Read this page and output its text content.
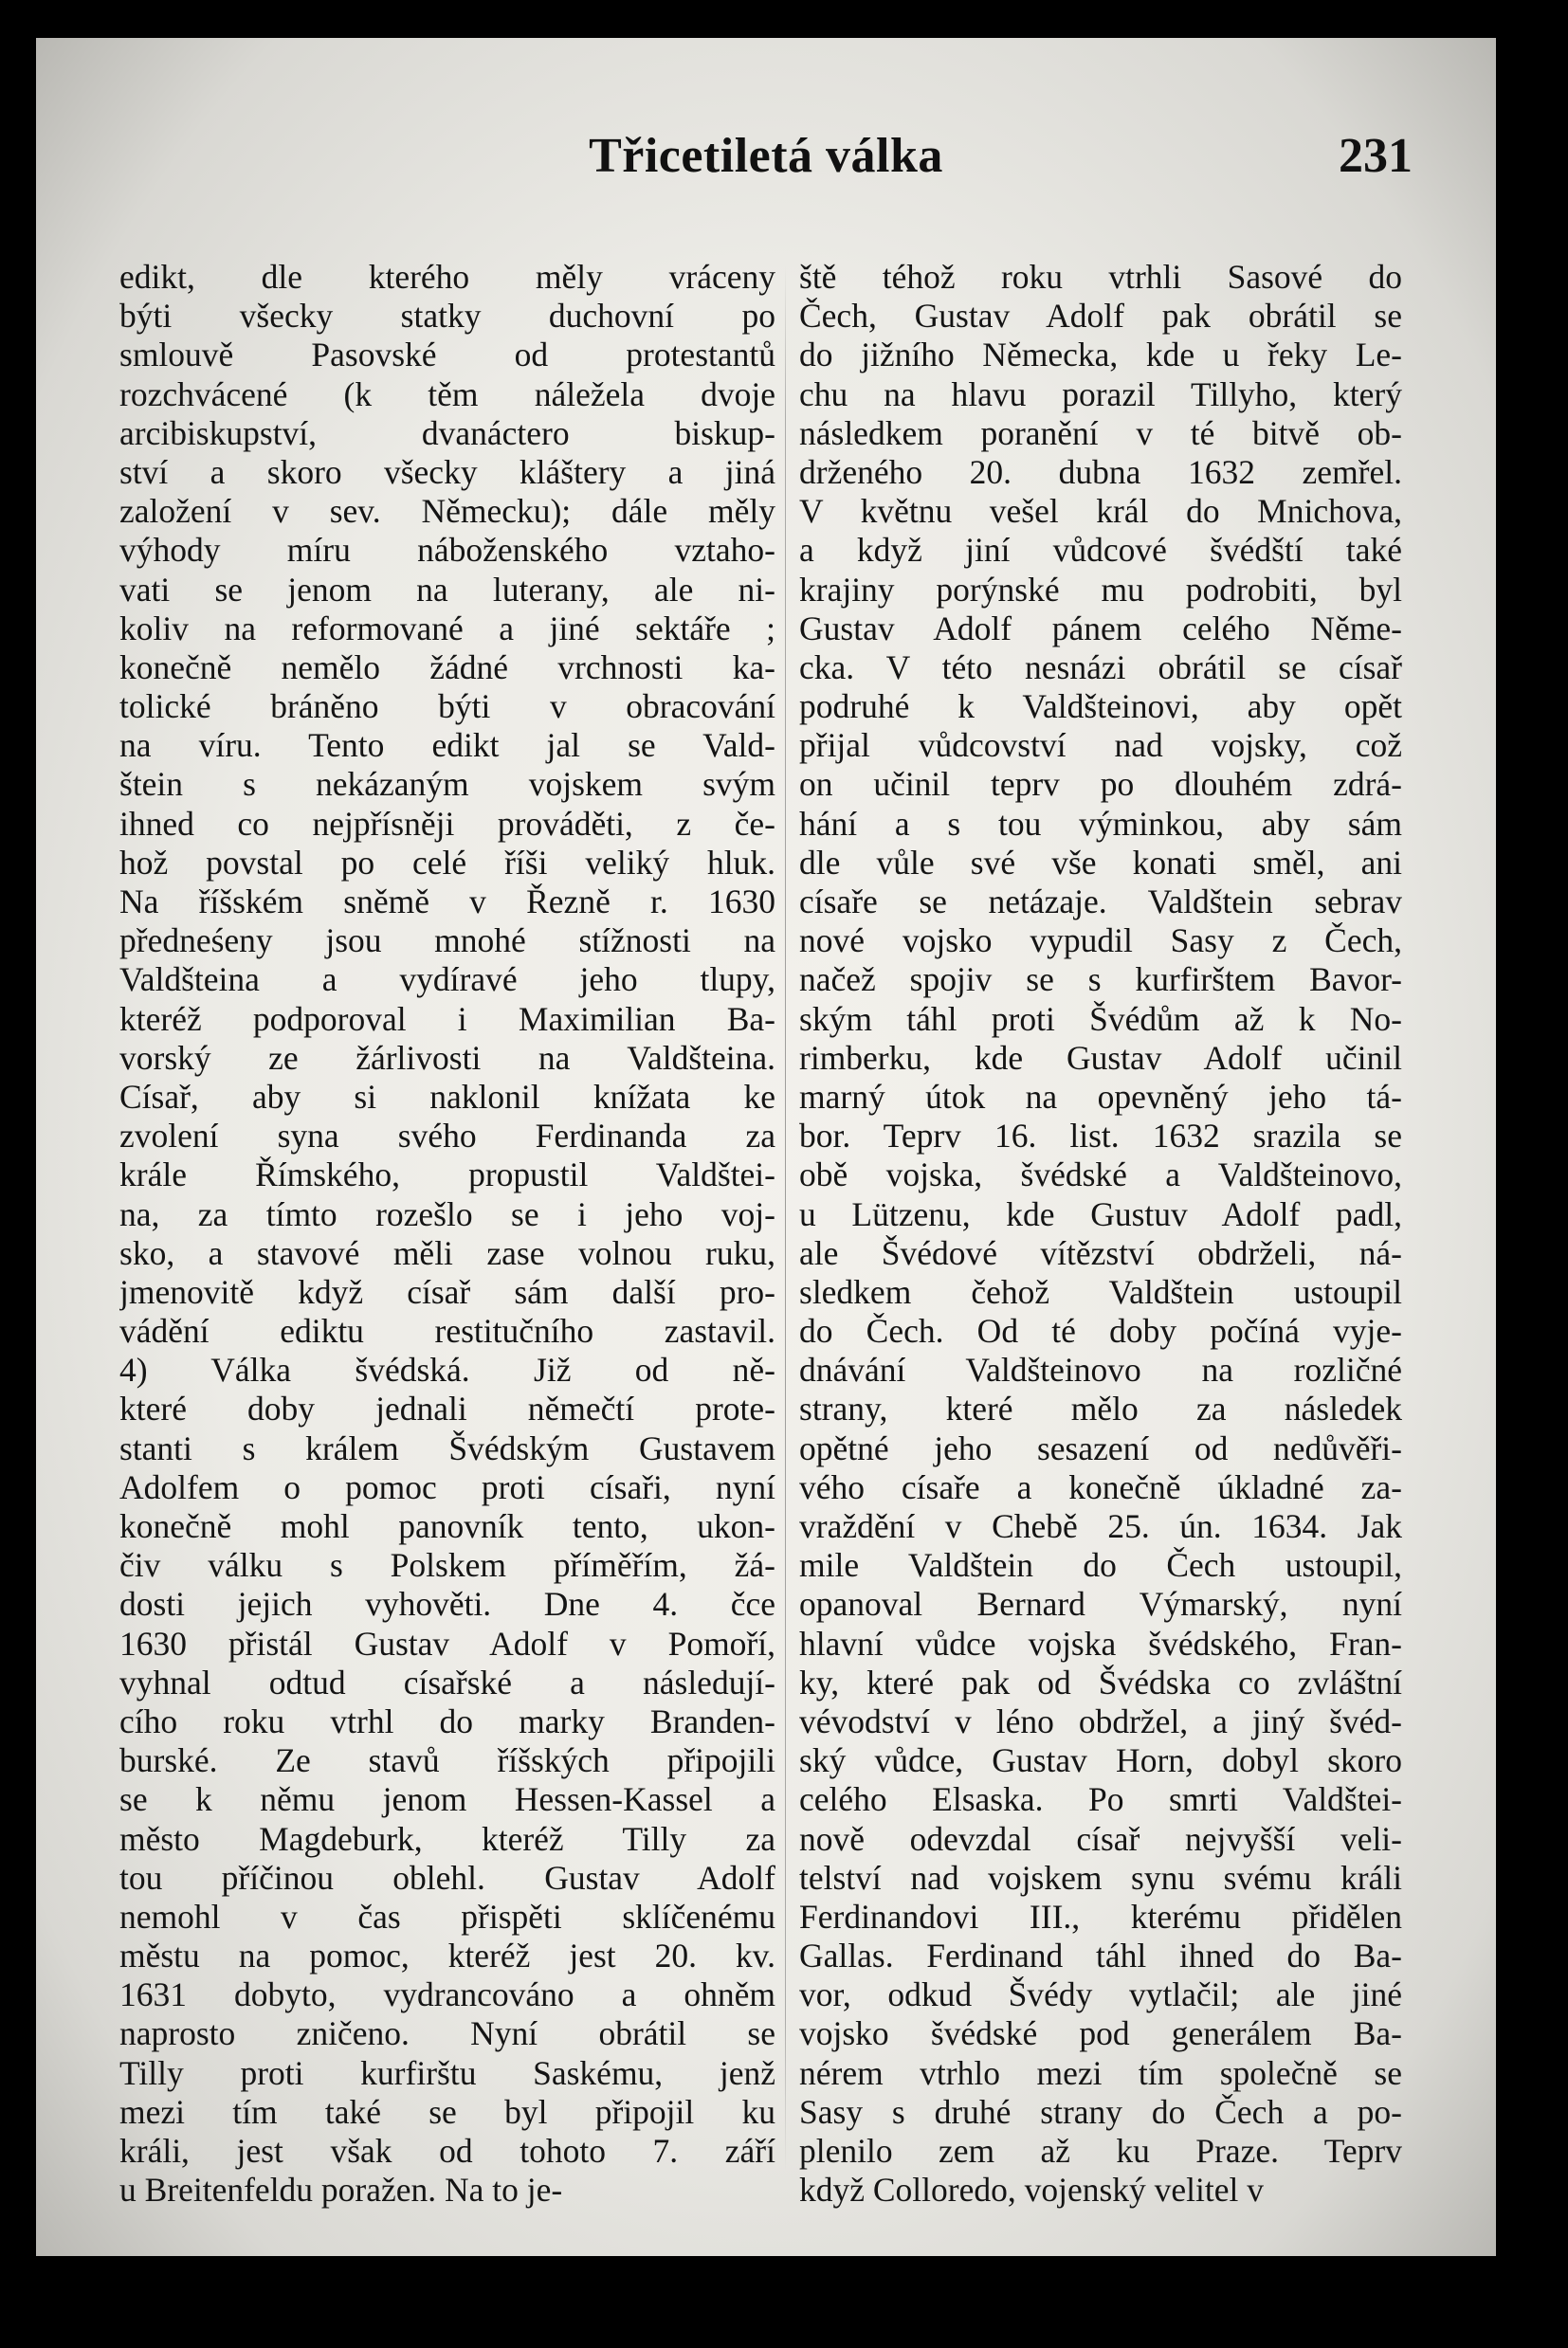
Třicetiletá válka	231
edikt, dle kterého měly vráceny
býti všecky statky duchovní po
smlouvě Pasovské od protestantů
rozchvácené (k těm náležela dvoje
arcibiskupství, dvanáctero biskup-
ství a skoro všecky kláštery a jiná
založení v sev. Německu); dále měly
výhody míru náboženského vztaho-
vati se jenom na luterany, ale ni-
koliv na reformované a jiné sektáře ;
konečně nemělo žádné vrchnosti ka-
tolické bráněno býti v obracování
na víru. Tento edikt jal se Vald-
štein s nekázaným vojskem svým
ihned co nejpřísněji prováděti, z če-
hož povstal po celé říši veliký hluk.
Na říšském sněmě v Řezně r. 1630
předneśeny jsou mnohé stížnosti na
Valdšteina a vydíravé jeho tlupy,
kteréž podporoval i Maximilian Ba-
vorský ze žárlivosti na Valdšteina.
Císař, aby si naklonil knížata ke
zvolení syna svého Ferdinanda za
krále Římského, propustil Valdštei-
na, za tímto rozešlo se i jeho voj-
sko, a stavové měli zase volnou ruku,
jmenovitě když císař sám další pro-
vádění ediktu restitučního zastavil.
4) Válka švédská. Již od ně-
které doby jednali němečtí prote-
stanti s králem Švédským Gustavem
Adolfem o pomoc proti císaři, nyní
konečně mohl panovník tento, ukon-
čiv válku s Polskem příměřím, žá-
dosti jejich vyhověti. Dne 4. čce
1630 přistál Gustav Adolf v Pomoří,
vyhnal odtud císařské a následují-
cího roku vtrhl do marky Branden-
burské. Ze stavů říšských připojili
se k němu jenom Hessen-Kassel a
město Magdeburk, kteréž Tilly za
tou příčinou oblehl. Gustav Adolf
nemohl v čas přispěti sklíčenému
městu na pomoc, kteréž jest 20. kv.
1631 dobyto, vydrancováno a ohněm
naprosto zničeno. Nyní obrátil se
Tilly proti kurfirštu Saskému, jenž
mezi tím také se byl připojil ku
králi, jest však od tohoto 7. září
u Breitenfeldu poražen. Na to je-
ště téhož roku vtrhli Sasové do
Čech, Gustav Adolf pak obrátil se
do jižního Německa, kde u řeky Le-
chu na hlavu porazil Tillyho, který
následkem poranění v té bitvě ob-
drženého 20. dubna 1632 zemřel.
V květnu vešel král do Mnichova,
a když jiní vůdcové švédští také
krajiny porýnské mu podrobiti, byl
Gustav Adolf pánem celého Něme-
cka. V této nesnázi obrátil se císař
podruhé k Valdšteinovi, aby opět
přijal vůdcovství nad vojsky, což
on učinil teprv po dlouhém zdrá-
hání a s tou výminkou, aby sám
dle vůle své vše konati směl, ani
císaře se netázaje. Valdštein sebrav
nové vojsko vypudil Sasy z Čech,
načež spojiv se s kurfirštem Bavor-
ským táhl proti Švédům až k No-
rimberku, kde Gustav Adolf učinil
marný útok na opevněný jeho tá-
bor. Teprv 16. list. 1632 srazila se
obě vojska, švédské a Valdšteinovo,
u Lützenu, kde Gustuv Adolf padl,
ale Švédové vítězství obdrželi, ná-
sledkem čehož Valdštein ustoupil
do Čech. Od té doby počíná vyje-
dnávání Valdšteinovo na rozličné
strany, které mělo za následek
opětné jeho sesazení od nedůvěři-
vého císaře a konečně úkladné za-
vraždění v Chebě 25. ún. 1634. Jak
mile Valdštein do Čech ustoupil,
opanoval Bernard Výmarský, nyní
hlavní vůdce vojska švédského, Fran-
ky, které pak od Švédska co zvláštní
vévodství v léno obdržel, a jiný švéd-
ský vůdce, Gustav Horn, dobyl skoro
celého Elsaska. Po smrti Valdštei-
nově odevzdal císař nejvyšší veli-
telství nad vojskem synu svému králi
Ferdinandovi III., kterému přidělen
Gallas. Ferdinand táhl ihned do Ba-
vor, odkud Švédy vytlačil; ale jiné
vojsko švédské pod generálem Ba-
nérem vtrhlo mezi tím společně se
Sasy s druhé strany do Čech a po-
plenilo zem až ku Praze. Teprv
když Colloredo, vojenský velitel v
